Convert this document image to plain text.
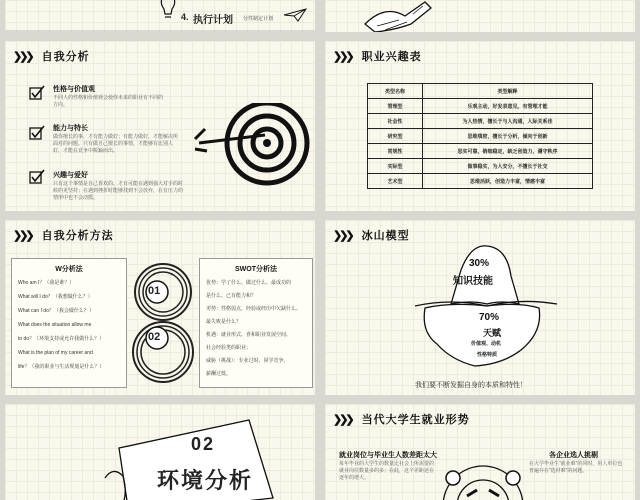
4. 执行计划 分性制定计划
❯❯❯ 自我分析
性格与价值观
不同人的性格和价值观会使你未来的职业有不同的方向。
能力与特长
做你擅长的事，才有能力做好；有能力做好，才能解决所面对的问题。只有做自己擅长的事情，才能够有比别人好，才能在竞争中脱颖而出。
兴趣与爱好
只有这个事情是自己喜欢的，才有可能在遇到强大对手的时候的更坚持；在遇到挫折时能够找到不会放弃，在有压力的情形中也不会动摇。
❯❯❯ 职业兴趣表
类型名称	类型解释
管理型	乐观主动，好发表意见，有管理才能
社会性	为人热情，擅长于与人沟通，人际关系佳
研究型	思维缜密，擅长于分析，倾向于创新
常规性	思实可靠，销细稳定，缺乏创造力，遵守秩序
实际型	做事稳实，为人安分，不擅长于社交
艺术型	思维活跃，创造力丰富，情感丰富
❯❯❯ 自我分析方法
W分析法
Who am I？（我是谁？）
What will I do？（我想做什么？）
What can I do？（我会做什么？）
What does the situation allow me
to do？（环境支持或允许我做什么？）
What is the plan of my career and
life？（我的职业与生活规划是什么？）
01
02
SWOT分析法
优势：学了什么、做过什么、最成功的
是什么、已有能力和？
劣势：性格弱点，经验或经历中欠缺什么、
最失败是什么？
机遇：就业形式、喜和职业发展空间、
社会经验类的职业；
威胁（挑战）：专业过时、同学竞争、
薪酬过低。
❯❯❯ 冰山模型
30%
知识技能
70%
天赋
价值观、动机
性格特质
我们要不断发掘自身的本质和特性！
02
环境分析
❯❯❯ 当代大学生就业形势
就业岗位与毕业生人数差距太大
每年毕业的大学生的数量比社会上所需要的就业岗位数量多的多；在此，这个差距还在逐年的增大。
各企业选人挑剔
在大学毕业生“就业难”的同时，用人单位也普遍存在“选材难”的问题。
